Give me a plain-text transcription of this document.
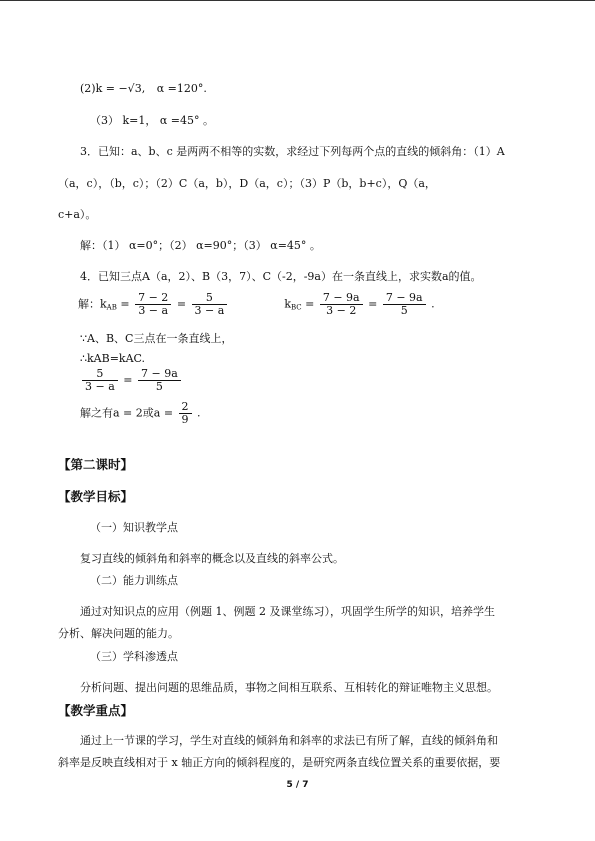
(2)k = −√3, α =120°.
（3） k=1， α =45° 。
3．已知：a、b、c 是两两不相等的实数，求经过下列每两个点的直线的倾斜角：（1）A
（a，c），（b，c）；（2）C（a，b），D（a，c）；（3）P（b，b+c），Q（a，
c+a）。
解：（1） α=0°；（2） α=90°；（3） α=45° 。
4．已知三点A（a，2）、B（3，7）、C（-2，-9a）在一条直线上，求实数a的值。
解：$k_{AB} = \frac{7 - 2}{3 - a} = \frac{5}{3 - a}$	$k_{BC} = \frac{7 - 9a}{3 - 2} = \frac{7 - 9a}{5}$ .
∵A、B、C三点在一条直线上，
∴kAB=kAC.
$\frac{5}{3 - a} = \frac{7 - 9a}{5}$
解之有a = 2或$a = \frac{2}{9}$ .
【第二课时】
【教学目标】
（一）知识教学点
复习直线的倾斜角和斜率的概念以及直线的斜率公式。
（二）能力训练点
通过对知识点的应用（例题 1、例题 2 及课堂练习），巩固学生所学的知识，培养学生
分析、解决问题的能力。
（三）学科渗透点
分析问题、提出问题的思维品质，事物之间相互联系、互相转化的辩证唯物主义思想。
【教学重点】
通过上一节课的学习，学生对直线的倾斜角和斜率的求法已有所了解，直线的倾斜角和
斜率是反映直线相对于 x 轴正方向的倾斜程度的，是研究两条直线位置关系的重要依据，要
5 / 7
